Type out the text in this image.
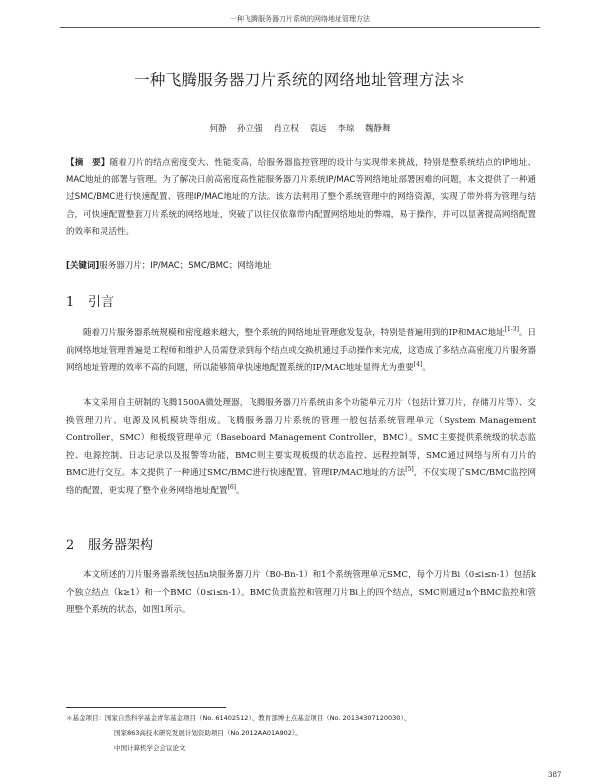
一种飞腾服务器刀片系统的网络地址管理方法
一种飞腾服务器刀片系统的网络地址管理方法＊
何静 孙立强 肖立权 袁远 李琼 魏静舞
【摘　要】随着刀片的结点密度变大、性能变高，给服务器监控管理的设计与实现带来挑战，特别是整系统结点的IP地址、MAC地址的部署与管理。为了解决日前高密度高性能服务器刀片系统IP/MAC等网络地址部署困难的问题，本文提供了一种通过SMC/BMC进行快速配置、管理IP/MAC地址的方法。该方法利用了整个系统管理中的网络资源，实现了带外将为管理与结合，可快速配置整套刀片系统的网络地址，突破了以往仅依靠带内配置网络地址的弊端，易于操作，并可以显著提高网络配置的效率和灵活性。
[关键词]服务器刀片；IP/MAC；SMC/BMC；网络地址
1 引言
随着刀片服务器系统规模和密度越来越大，整个系统的网络地址管理愈发复杂，特别是普遍用到的IP和MAC地址[1-3]。日前网络地址管理普遍是工程师和维护人员需登录到每个结点或交换机通过手动操作来完成，这造成了多结点高密度刀片服务器网络地址管理的效率不高的问题，所以能够简单快速地配置系统的IP/MAC地址显得尤为重要[4]。
本文采用自主研制的飞腾1500A微处理器，飞腾服务器刀片系统由多个功能单元刀片（包括计算刀片，存储刀片等）、交换管理刀片、电源及风机模块等组成。飞腾服务器刀片系统的管理一般包括系统管理单元（System Management Controller，SMC）和板级管理单元（Baseboard Management Controller，BMC）。SMC主要提供系统级的状态监控、电源控制、日志记录以及报警等功能，BMC则主要实现板级的状态监控、远程控制等，SMC通过网络与所有刀片的BMC进行交互。本文提供了一种通过SMC/BMC进行快速配置、管理IP/MAC地址的方法[5]，不仅实现了SMC/BMC监控网络的配置，更实现了整个业务网络地址配置[6]。
2 服务器架构
本文所述的刀片服务器系统包括n块服务器刀片（B0-Bn-1）和1个系统管理单元SMC，每个刀片Bi（0≤i≤n-1）包括k个独立结点（k≥1）和一个BMC（0≤i≤n-1）。BMC负责监控和管理刀片Bi上的四个结点，SMC则通过n个BMC监控和管理整个系统的状态，如图1所示。
＊基金项目：国家自然科学基金青年基金项目（No. 61402512）、教育部博士点基金项目（No. 20134307120030）、
国家863高技术研究发展计划资助项目（No.2012AA01A902）。
中国计算机学会会议论文
387
